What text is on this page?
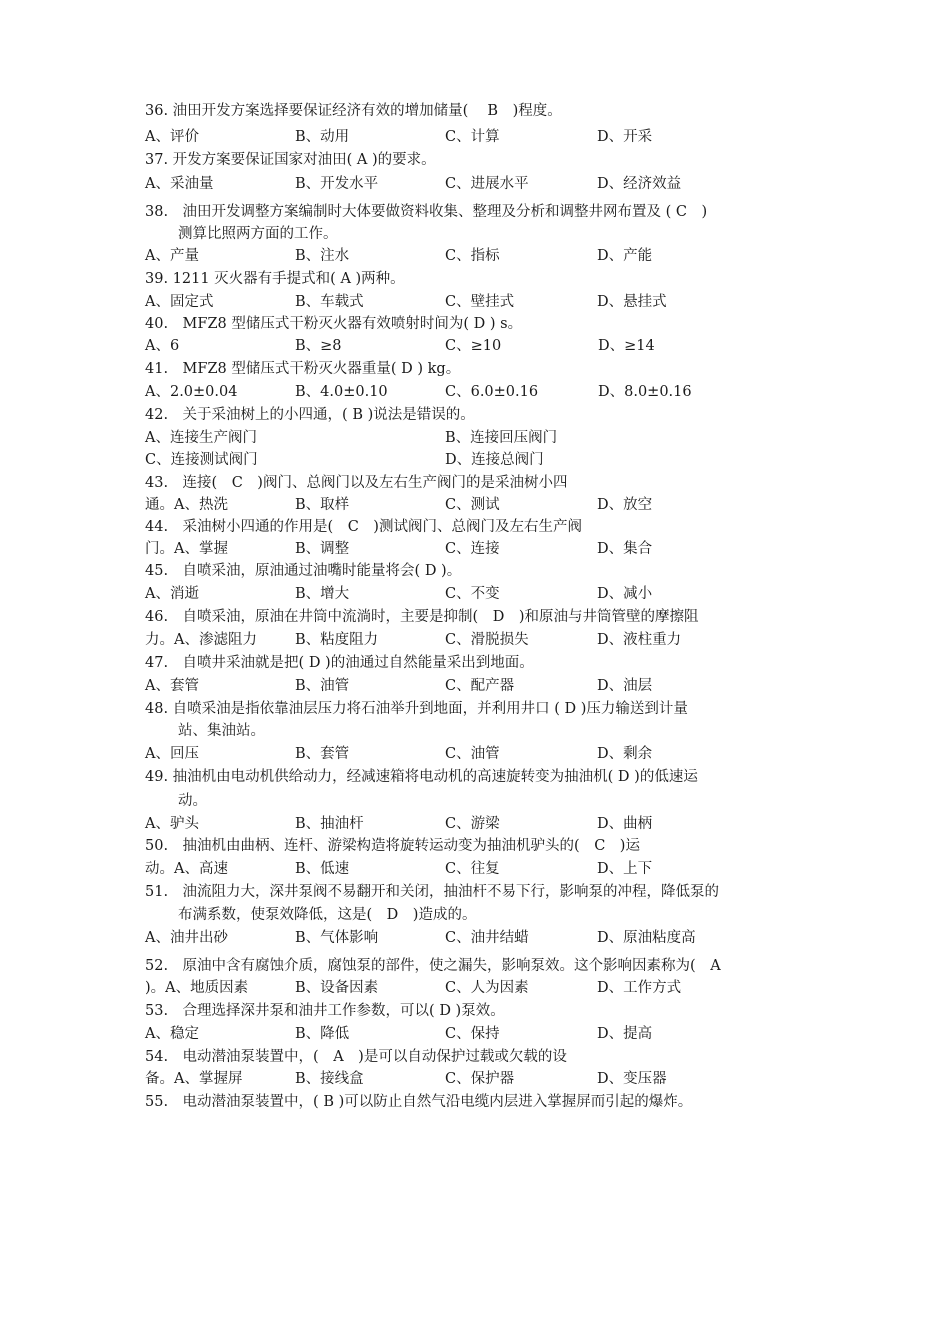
36. 油田开发方案选择要保证经济有效的增加储量(　 B　)程度。
A、评价	B、动用	C、计算	D、开采
37. 开发方案要保证国家对油田( A )的要求。
A、采油量	B、开发水平	C、进展水平	D、经济效益
38.　油田开发调整方案编制时大体要做资料收集、整理及分析和调整井网布置及 ( C　)
测算比照两方面的工作。
A、产量	B、注水	C、指标	D、产能
39. 1211 灭火器有手提式和( A )两种。
A、固定式	B、车载式	C、壁挂式	D、悬挂式
40.　MFZ8 型储压式干粉灭火器有效喷射时间为( D ) s。
A、6	B、≥8	C、≥10	D、≥14
41.　MFZ8 型储压式干粉灭火器重量( D ) kg。
A、2.0±0.04	B、4.0±0.10	C、6.0±0.16	D、8.0±0.16
42.　关于采油树上的小四通，( B )说法是错误的。
A、连接生产阀门	B、连接回压阀门
C、连接测试阀门	D、连接总阀门
43.　连接(　C　)阀门、总阀门以及左右生产阀门的是采油树小四
通。A、热洗	B、取样	C、测试	D、放空
44.　采油树小四通的作用是(　C　)测试阀门、总阀门及左右生产阀
门。A、掌握	B、调整	C、连接	D、集合
45.　自喷采油，原油通过油嘴时能量将会( D )。
A、消逝	B、增大	C、不变	D、减小
46.　自喷采油，原油在井筒中流淌时，主要是抑制(　D　)和原油与井筒管壁的摩擦阻
力。A、渗滤阻力	B、粘度阻力	C、滑脱损失	D、液柱重力
47.　自喷井采油就是把( D )的油通过自然能量采出到地面。
A、套管	B、油管	C、配产器	D、油层
48. 自喷采油是指依靠油层压力将石油举升到地面，并利用井口 ( D )压力输送到计量
站、集油站。
A、回压	B、套管	C、油管	D、剩余
49. 抽油机由电动机供给动力，经减速箱将电动机的高速旋转变为抽油机( D )的低速运
动。
A、驴头	B、抽油杆	C、游梁	D、曲柄
50.　抽油机由曲柄、连杆、游梁构造将旋转运动变为抽油机驴头的(　C　)运
动。A、高速	B、低速	C、往复	D、上下
51.　油流阻力大，深井泵阀不易翻开和关闭，抽油杆不易下行，影响泵的冲程，降低泵的
布满系数，使泵效降低，这是(　D　)造成的。
A、油井出砂	B、气体影响	C、油井结蜡	D、原油粘度高
52.　原油中含有腐蚀介质，腐蚀泵的部件，使之漏失，影响泵效。这个影响因素称为(　A
)。A、地质因素	B、设备因素	C、人为因素	D、工作方式
53.　合理选择深井泵和油井工作参数，可以( D )泵效。
A、稳定	B、降低	C、保持	D、提高
54.　电动潜油泵装置中，(　A　)是可以自动保护过载或欠载的设
备。A、掌握屏	B、接线盒	C、保护器	D、变压器
55.　电动潜油泵装置中，( B )可以防止自然气沿电缆内层进入掌握屏而引起的爆炸。
